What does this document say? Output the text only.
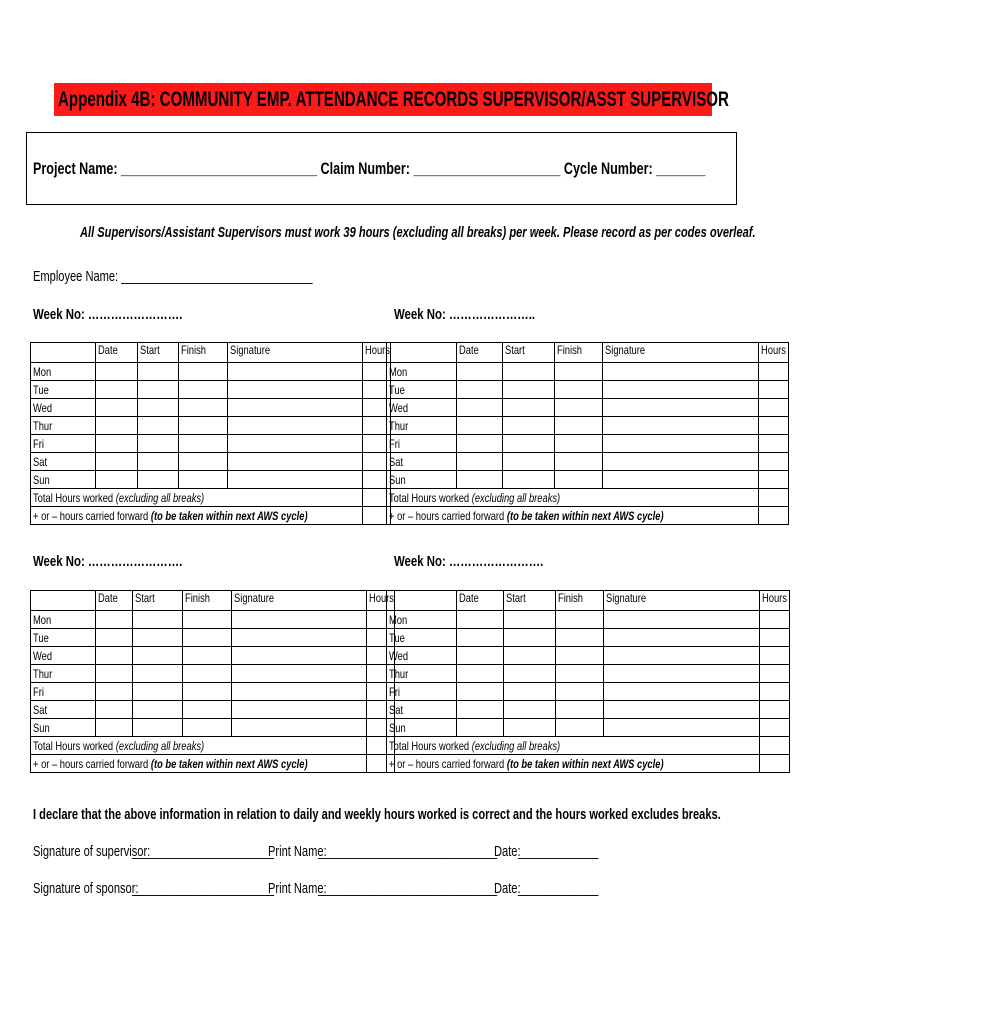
Appendix 4B: COMMUNITY EMP. ATTENDANCE RECORDS SUPERVISOR/ASST SUPERVISOR
Project Name: ____________________________ Claim Number: _____________________ Cycle Number: _______
All Supervisors/Assistant Supervisors must work 39 hours (excluding all breaks) per week. Please record as per codes overleaf.
Employee Name: _______________________________
Week No: …………………….	Week No: …………………..
Week No: …………………….	Week No: …………………….
	Date	Start	Finish	Signature	Hours
Mon					
Tue					
Wed					
Thur					
Fri					
Sat					
Sun					
Total Hours worked (excluding all breaks)					
+ or – hours carried forward (to be taken within next AWS cycle)					
	Date	Start	Finish	Signature	Hours
Mon					
Tue					
Wed					
Thur					
Fri					
Sat					
Sun					
Total Hours worked (excluding all breaks)					
+ or – hours carried forward (to be taken within next AWS cycle)					
	Date	Start	Finish	Signature	Hours
Mon					
Tue					
Wed					
Thur					
Fri					
Sat					
Sun					
Total Hours worked (excluding all breaks)					
+ or – hours carried forward (to be taken within next AWS cycle)					
	Date	Start	Finish	Signature	Hours
Mon					
Tue					
Wed					
Thur					
Fri					
Sat					
Sun					
Total Hours worked (excluding all breaks)					
+ or – hours carried forward (to be taken within next AWS cycle)					
I declare that the above information in relation to daily and weekly hours worked is correct and the hours worked excludes breaks.
Signature of supervisor:
_______________________
Print Name:
_____________________________
Date:
_____________
Signature of sponsor:
_______________________
Print Name:
_____________________________
Date:
_____________
